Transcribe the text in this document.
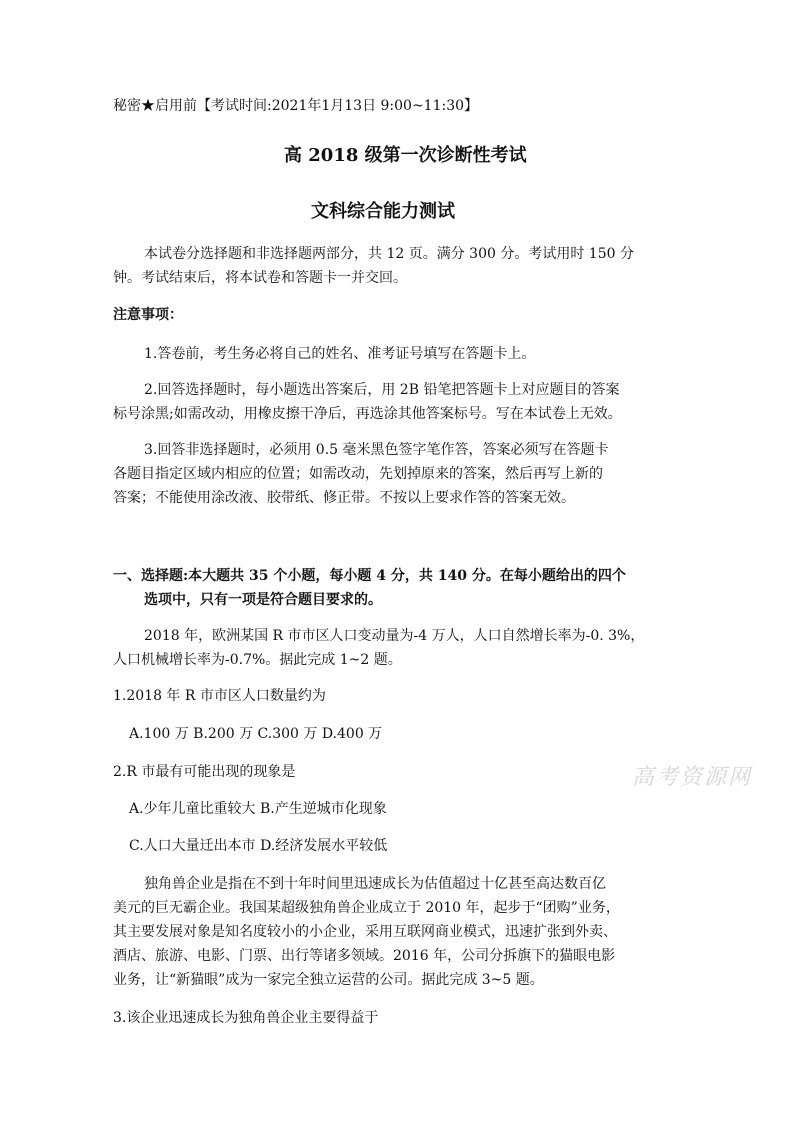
秘密★启用前【考试时间:2021年1月13日 9:00~11:30】
高 2018 级第一次诊断性考试
文科综合能力测试
本试卷分选择题和非选择题两部分，共 12 页。满分 300 分。考试用时 150 分
钟。考试结束后，将本试卷和答题卡一并交回。
注意事项：
1.答卷前，考生务必将自己的姓名、准考证号填写在答题卡上。
2.回答选择题时，每小题选出答案后，用 2B 铅笔把答题卡上对应题目的答案
标号涂黑;如需改动，用橡皮擦干净后，再选涂其他答案标号。写在本试卷上无效。
3.回答非选择题时，必须用 0.5 毫米黑色签字笔作答，答案必须写在答题卡
各题目指定区域内相应的位置；如需改动，先划掉原来的答案，然后再写上新的
答案；不能使用涂改液、胶带纸、修正带。不按以上要求作答的答案无效。
一、选择题:本大题共 35 个小题，每小题 4 分，共 140 分。在每小题给出的四个
选项中，只有一项是符合题目要求的。
2018 年，欧洲某国 R 市市区人口变动量为-4 万人，人口自然增长率为-0. 3%，
人口机械增长率为-0.7%。据此完成 1~2 题。
1.2018 年 R 市市区人口数量约为
A.100 万 B.200 万 C.300 万 D.400 万
2.R 市最有可能出现的现象是
A.少年儿童比重较大 B.产生逆城市化现象
C.人口大量迁出本市 D.经济发展水平较低
独角兽企业是指在不到十年时间里迅速成长为估值超过十亿甚至高达数百亿
美元的巨无霸企业。我国某超级独角兽企业成立于 2010 年，起步于“团购”业务，
其主要发展对象是知名度较小的小企业，采用互联网商业模式，迅速扩张到外卖、
酒店、旅游、电影、门票、出行等诸多领域。2016 年，公司分拆旗下的猫眼电影
业务，让“新猫眼”成为一家完全独立运营的公司。据此完成 3~5 题。
3.该企业迅速成长为独角兽企业主要得益于
高考资源网
